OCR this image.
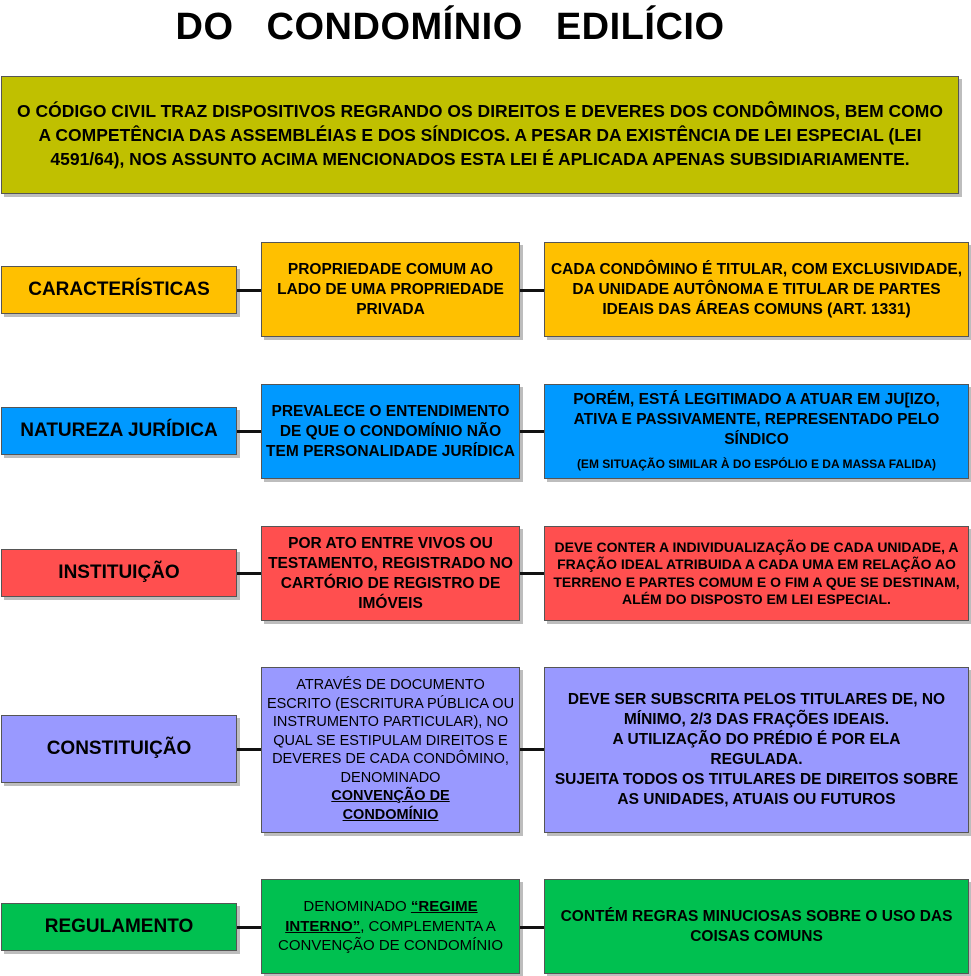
DO CONDOMÍNIO EDILÍCIO
O CÓDIGO CIVIL TRAZ DISPOSITIVOS REGRANDO OS DIREITOS E DEVERES DOS CONDÔMINOS, BEM COMO A COMPETÊNCIA DAS ASSEMBLÉIAS E DOS SÍNDICOS. A PESAR DA EXISTÊNCIA DE LEI ESPECIAL (LEI 4591/64), NOS ASSUNTO ACIMA MENCIONADOS ESTA LEI É APLICADA APENAS SUBSIDIARIAMENTE.
CARACTERÍSTICAS
PROPRIEDADE COMUM AO LADO DE UMA PROPRIEDADE PRIVADA
CADA CONDÔMINO É TITULAR, COM EXCLUSIVIDADE, DA UNIDADE AUTÔNOMA E TITULAR DE PARTES IDEAIS DAS ÁREAS COMUNS (ART. 1331)
NATUREZA JURÍDICA
PREVALECE O ENTENDIMENTO DE QUE O CONDOMÍNIO NÃO TEM PERSONALIDADE JURÍDICA
PORÉM, ESTÁ LEGITIMADO A ATUAR EM JU[IZO, ATIVA E PASSIVAMENTE, REPRESENTADO PELO SÍNDICO
(EM SITUAÇÃO SIMILAR À DO ESPÓLIO E DA MASSA FALIDA)
INSTITUIÇÃO
POR ATO ENTRE VIVOS OU TESTAMENTO, REGISTRADO NO CARTÓRIO DE REGISTRO DE IMÓVEIS
DEVE CONTER A INDIVIDUALIZAÇÃO DE CADA UNIDADE, A FRAÇÃO IDEAL ATRIBUIDA A CADA UMA EM RELAÇÃO AO TERRENO E PARTES COMUM E O FIM A QUE SE DESTINAM, ALÉM DO DISPOSTO EM LEI ESPECIAL.
CONSTITUIÇÃO
ATRAVÉS DE DOCUMENTO ESCRITO (ESCRITURA PÚBLICA OU INSTRUMENTO PARTICULAR), NO QUAL SE ESTIPULAM DIREITOS E DEVERES DE CADA CONDÔMINO, DENOMINADO
CONVENÇÃO DE CONDOMÍNIO
DEVE SER SUBSCRITA PELOS TITULARES DE, NO MÍNIMO, 2/3 DAS FRAÇÕES IDEAIS.
A UTILIZAÇÃO DO PRÉDIO É POR ELA REGULADA.
SUJEITA TODOS OS TITULARES DE DIREITOS SOBRE AS UNIDADES, ATUAIS OU FUTUROS
REGULAMENTO
DENOMINADO “REGIME INTERNO”, COMPLEMENTA A CONVENÇÃO DE CONDOMÍNIO
CONTÉM REGRAS MINUCIOSAS SOBRE O USO DAS COISAS COMUNS
